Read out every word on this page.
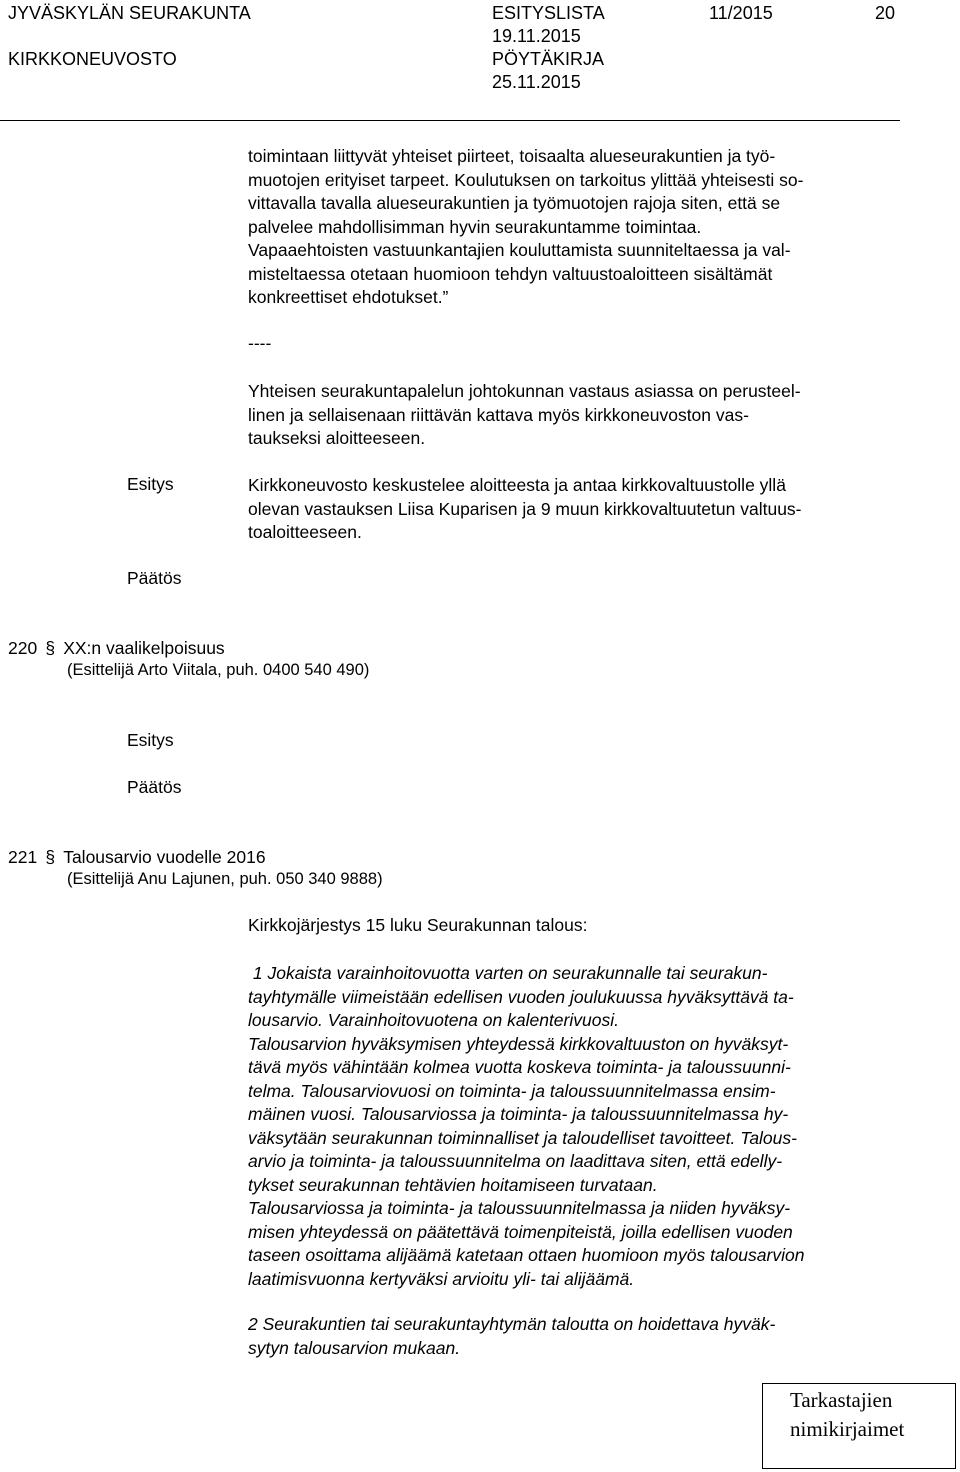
JYVÄSKYLÄN SEURAKUNTA
KIRKKONEUVOSTO
ESITYSLISTA
19.11.2015
PÖYTÄKIRJA
25.11.2015
11/2015	20
toimintaan liittyvät yhteiset piirteet, toisaalta alueseurakuntien ja työ-
muotojen erityiset tarpeet. Koulutuksen on tarkoitus ylittää yhteisesti so-
vittavalla tavalla alueseurakuntien ja työmuotojen rajoja siten, että se
palvelee mahdollisimman hyvin seurakuntamme toimintaa.
Vapaaehtoisten vastuunkantajien kouluttamista suunniteltaessa ja val-
misteltaessa otetaan huomioon tehdyn valtuustoaloitteen sisältämät
konkreettiset ehdotukset.”
----
Yhteisen seurakuntapalelun johtokunnan vastaus asiassa on perusteel-
linen ja sellaisenaan riittävän kattava myös kirkkoneuvoston vas-
taukseksi aloitteeseen.
Esitys	Kirkkoneuvosto keskustelee aloitteesta ja antaa kirkkovaltuustolle yllä
olevan vastauksen Liisa Kuparisen ja 9 muun kirkkovaltuutetun valtuus-
toaloitteeseen.
Päätös
220 § XX:n vaalikelpoisuus
(Esittelijä Arto Viitala, puh. 0400 540 490)
Esitys
Päätös
221 § Talousarvio vuodelle 2016
(Esittelijä Anu Lajunen, puh. 050 340 9888)
Kirkkojärjestys 15 luku Seurakunnan talous:
1 Jokaista varainhoitovuotta varten on seurakunnalle tai seurakun-
tayhtymälle viimeistään edellisen vuoden joulukuussa hyväksyttävä ta-
lousarvio. Varainhoitovuotena on kalenterivuosi.
Talousarvion hyväksymisen yhteydessä kirkkovaltuuston on hyväksyt-
tävä myös vähintään kolmea vuotta koskeva toiminta- ja taloussuunni-
telma. Talousarviovuosi on toiminta- ja taloussuunnitelmassa ensim-
mäinen vuosi. Talousarviossa ja toiminta- ja taloussuunnitelmassa hy-
väksytään seurakunnan toiminnalliset ja taloudelliset tavoitteet. Talous-
arvio ja toiminta- ja taloussuunnitelma on laadittava siten, että edelly-
tykset seurakunnan tehtävien hoitamiseen turvataan.
Talousarviossa ja toiminta- ja taloussuunnitelmassa ja niiden hyväksy-
misen yhteydessä on päätettävä toimenpiteistä, joilla edellisen vuoden
taseen osoittama alijäämä katetaan ottaen huomioon myös talousarvion
laatimisvuonna kertyväksi arvioitu yli- tai alijäämä.
2 Seurakuntien tai seurakuntayhtymän taloutta on hoidettava hyväk-
sytyn talousarvion mukaan.
Tarkastajien
nimikirjaimet
